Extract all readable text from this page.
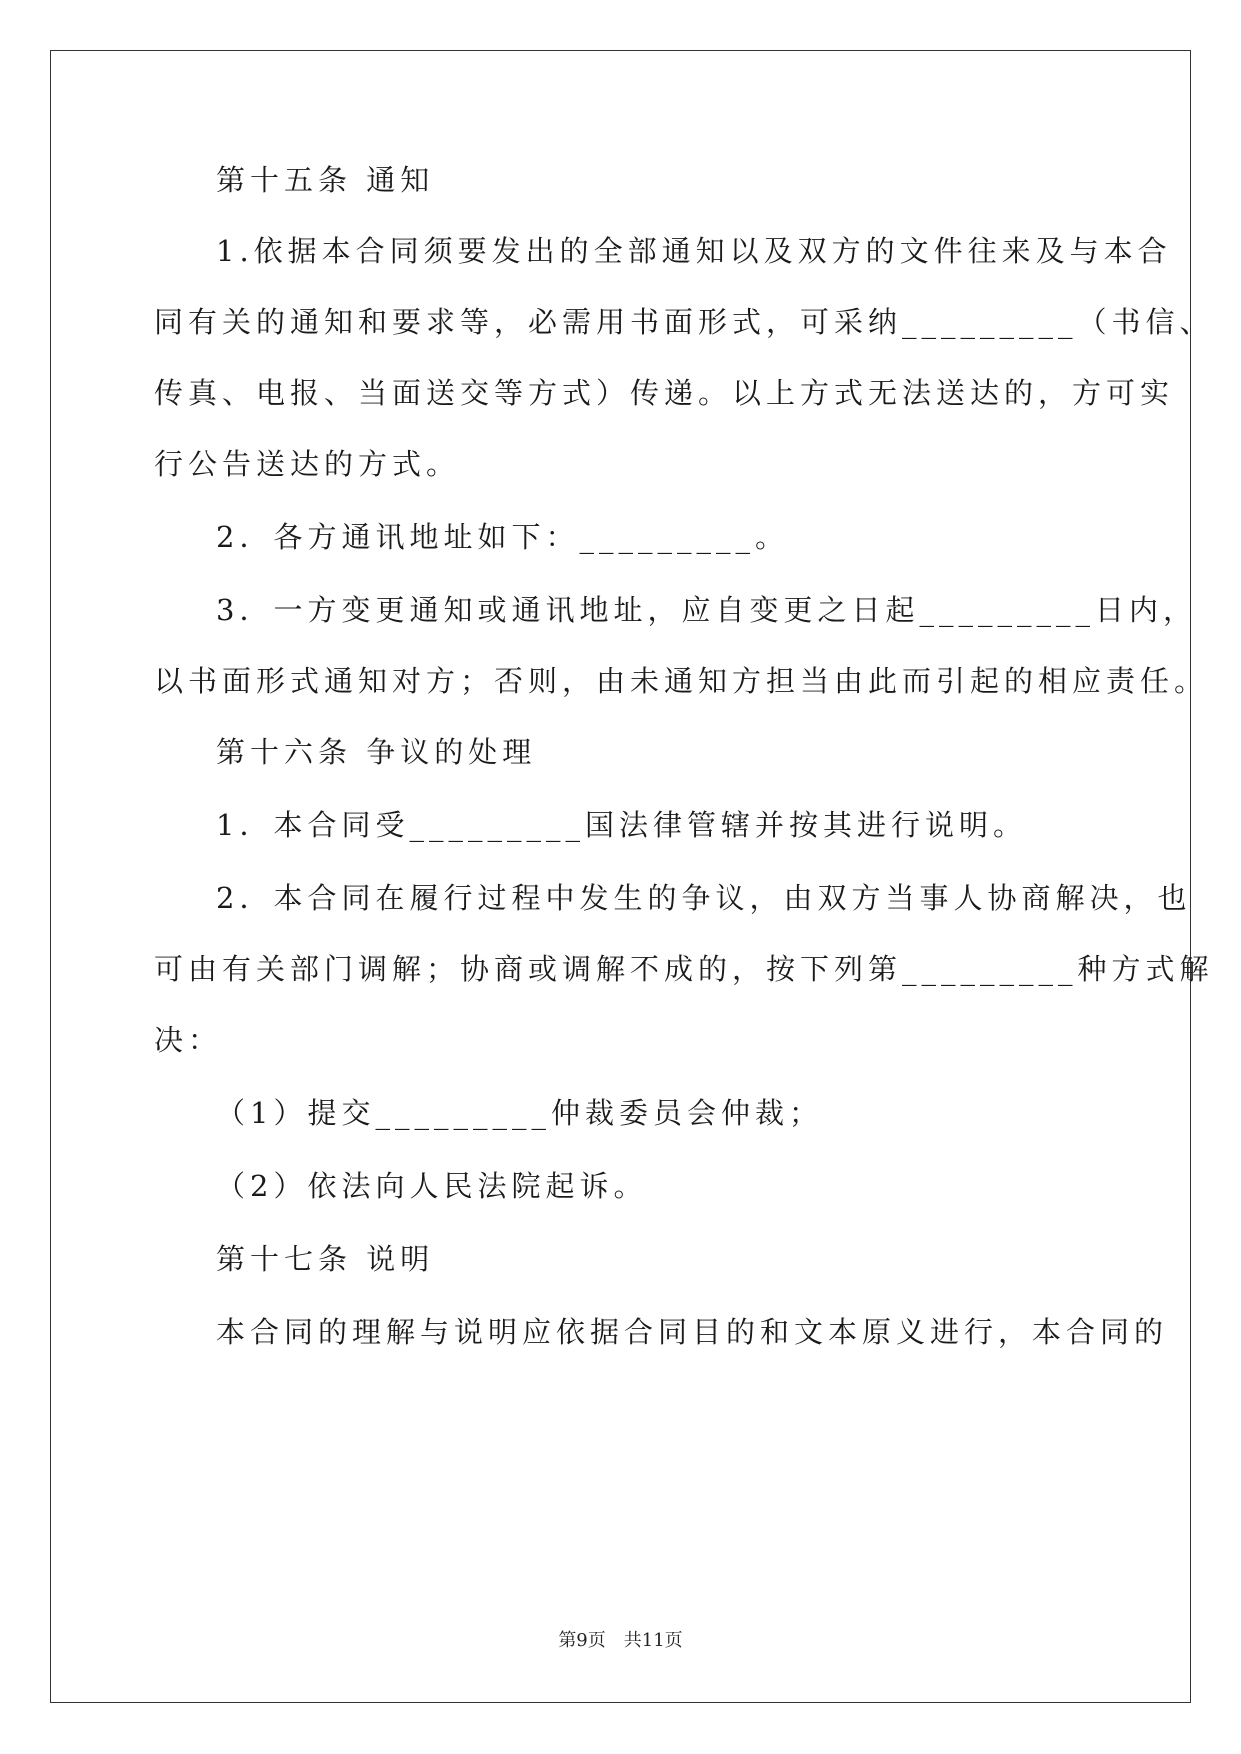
第十五条 通知
1.依据本合同须要发出的全部通知以及双方的文件往来及与本合
同有关的通知和要求等，必需用书面形式，可采纳_________（书信、
传真、电报、当面送交等方式）传递。以上方式无法送达的，方可实
行公告送达的方式。
2．各方通讯地址如下：_________。
3．一方变更通知或通讯地址，应自变更之日起_________日内，
以书面形式通知对方；否则，由未通知方担当由此而引起的相应责任。
第十六条 争议的处理
1．本合同受_________国法律管辖并按其进行说明。
2．本合同在履行过程中发生的争议，由双方当事人协商解决，也
可由有关部门调解；协商或调解不成的，按下列第_________种方式解
决：
（1）提交_________仲裁委员会仲裁；
（2）依法向人民法院起诉。
第十七条 说明
本合同的理解与说明应依据合同目的和文本原义进行，本合同的
第9页　共11页
